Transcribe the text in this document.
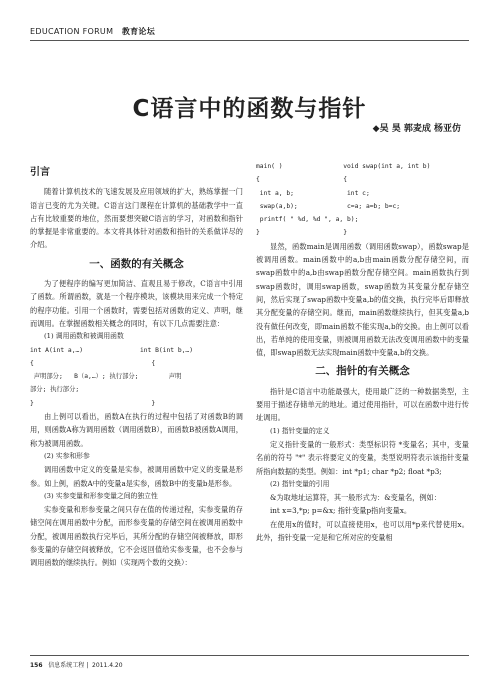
EDUCATION FORUM 教育论坛
C语言中的函数与指针
◆吴 昊 郭麦成 杨亚仿
引言

随着计算机技术的飞速发展及应用领域的扩大，熟练掌握一门语言已变的尤为关键。C语言这门课程在计算机的基础教学中一直占有比较重要的地位，然而要想突破C语言的学习，对函数和指针的掌握是非常重要的。本文将具体针对函数和指针的关系做详尽的介绍。

一、函数的有关概念

为了便程序的编写更加简洁、直观且易于修改，C语言中引用了函数。所谓函数，就是一个程序模块，该模块用来完成一个特定的程序功能。引用一个函数时，需要包括对函数的定义、声明，继而调用。在掌握函数相关概念的同时，有以下几点需要注意：

(1) 调用函数和被调用函数

int A(int a,…)               int B(int b,…)
{                               {
声明部分;   B（a,…）; 执行部分;        声明
部分; 执行部分;
}                               }

由上例可以看出，函数A在执行的过程中包括了对函数B的调用，则函数A称为调用函数（调用函数B），而函数B被函数A调用，称为被调用函数。

(2) 实参和形参

调用函数中定义的变量是实参，被调用函数中定义的变量是形参。如上例，函数A中的变量a是实参，函数B中的变量b是形参。

(3) 实参变量和形参变量之间的独立性

实参变量和形参变量之间只存在值的传递过程，实参变量的存储空间在调用函数中分配，而形参变量的存储空间在被调用函数中分配，被调用函数执行完毕后，其所分配的存储空间被释放，即形参变量的存储空间被释放，它不会返回值给实参变量，也不会参与调用函数的继续执行。例如（实现两个数的交换）：

main( )                void swap(int a, int b)
{                      {
int a, b;              int c;
swap(a,b);             c=a; a=b; b=c;
printf( " %d, %d ", a, b);
}                      }

显然，函数main是调用函数（调用函数swap），函数swap是被调用函数。main函数中的a,b由main函数分配存储空间，而swap函数中的a,b由swap函数分配存储空间。main函数执行到swap函数时，调用swap函数，swap函数为其变量分配存储空间，然后实现了swap函数中变量a,b的值交换，执行完毕后即释放其分配变量的存储空间。继而，main函数继续执行，但其变量a,b没有做任何改变，即main函数不能实现a,b的交换。由上例可以看出，若单纯的使用变量，则被调用函数无法改变调用函数中的变量值，即swap函数无法实现main函数中变量a,b的交换。

二、指针的有关概念

指针是C语言中功能最强大，使用最广泛的一种数据类型，主要用于描述存储单元的地址。通过使用指针，可以在函数中进行传址调用。

(1) 指针变量的定义

定义指针变量的一般形式：类型标识符 *变量名；其中，变量名前的符号 "*" 表示将要定义的变量，类型说明符表示该指针变量所指向数据的类型。例如：int *p1; char *p2; float *p3;

(2) 指针变量的引用

&为取地址运算符，其一般形式为：&变量名，例如：

int x=3,*p; p=&x; 指针变量p指向变量x。

在使用x的值时，可以直接使用x，也可以用*p来代替使用x。此外，指针变量一定是和它所对应的变量相

156 信息系统工程 |  2011.4.20
